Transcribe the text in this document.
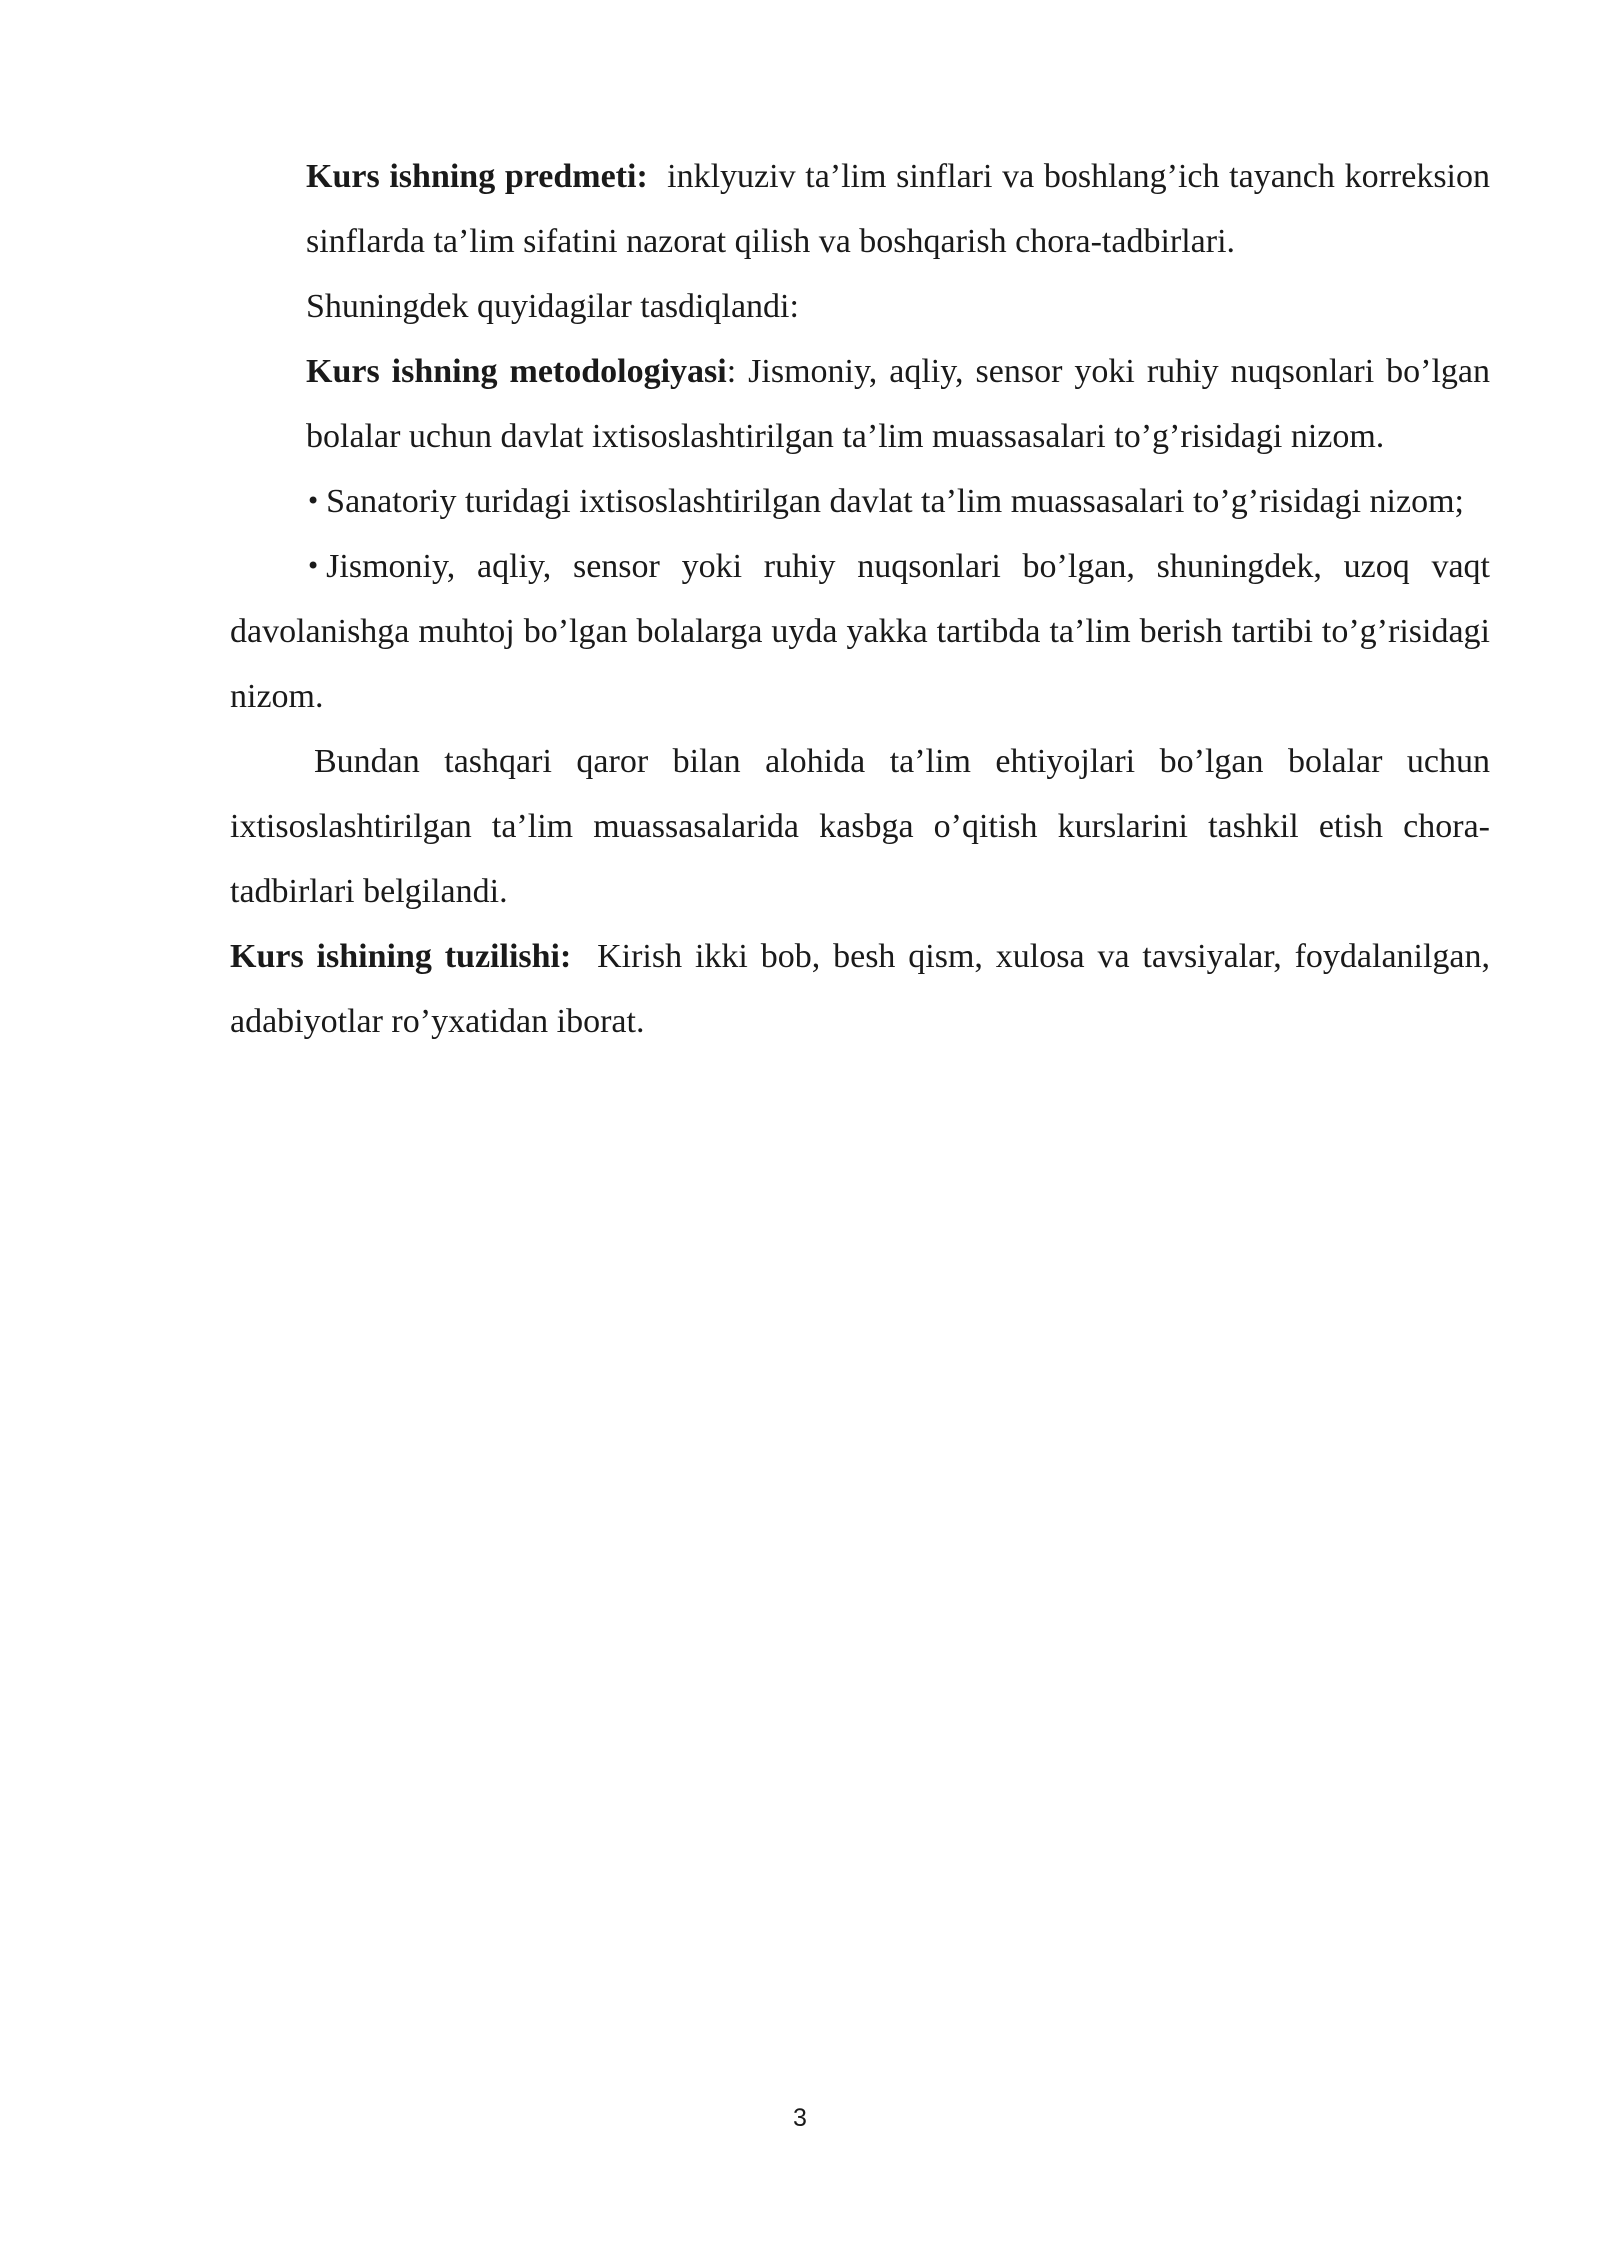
Kurs ishning predmeti: inklyuziv ta’lim sinflari va boshlang’ich tayanch korreksion sinflarda ta’lim sifatini nazorat qilish va boshqarish chora-tadbirlari.

Shuningdek quyidagilar tasdiqlandi:

Kurs ishning metodologiyasi: Jismoniy, aqliy, sensor yoki ruhiy nuqsonlari bo’lgan bolalar uchun davlat ixtisoslashtirilgan ta’lim muassasalari to’g’risidagi nizom.

• Sanatoriy turidagi ixtisoslashtirilgan davlat ta’lim muassasalari to’g’risidagi nizom;

• Jismoniy, aqliy, sensor yoki ruhiy nuqsonlari bo’lgan, shuningdek, uzoq vaqt davolanishga muhtoj bo’lgan bolalarga uyda yakka tartibda ta’lim berish tartibi to’g’risidagi nizom.

Bundan tashqari qaror bilan alohida ta’lim ehtiyojlari bo’lgan bolalar uchun ixtisoslashtirilgan ta’lim muassasalarida kasbga o’qitish kurslarini tashkil etish chora-tadbirlari belgilandi.

Kurs ishining tuzilishi: Kirish ikki bob, besh qism, xulosa va tavsiyalar, foydalanilgan, adabiyotlar ro’yxatidan iborat.

3
